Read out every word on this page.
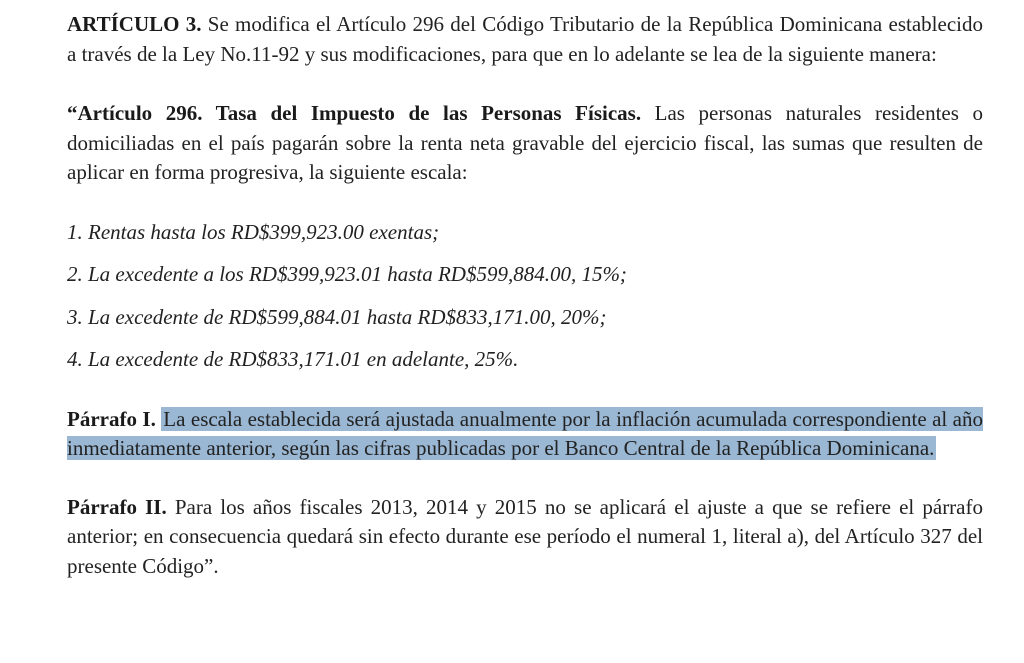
ARTÍCULO 3. Se modifica el Artículo 296 del Código Tributario de la República Dominicana establecido a través de la Ley No.11-92 y sus modificaciones, para que en lo adelante se lea de la siguiente manera:

“Artículo 296. Tasa del Impuesto de las Personas Físicas. Las personas naturales residentes o domiciliadas en el país pagarán sobre la renta neta gravable del ejercicio fiscal, las sumas que resulten de aplicar en forma progresiva, la siguiente escala:

1. Rentas hasta los RD$399,923.00 exentas;
2. La excedente a los RD$399,923.01 hasta RD$599,884.00, 15%;
3. La excedente de RD$599,884.01 hasta RD$833,171.00, 20%;
4. La excedente de RD$833,171.01 en adelante, 25%.

Párrafo I. La escala establecida será ajustada anualmente por la inflación acumulada correspondiente al año inmediatamente anterior, según las cifras publicadas por el Banco Central de la República Dominicana.

Párrafo II. Para los años fiscales 2013, 2014 y 2015 no se aplicará el ajuste a que se refiere el párrafo anterior; en consecuencia quedará sin efecto durante ese período el numeral 1, literal a), del Artículo 327 del presente Código”.
